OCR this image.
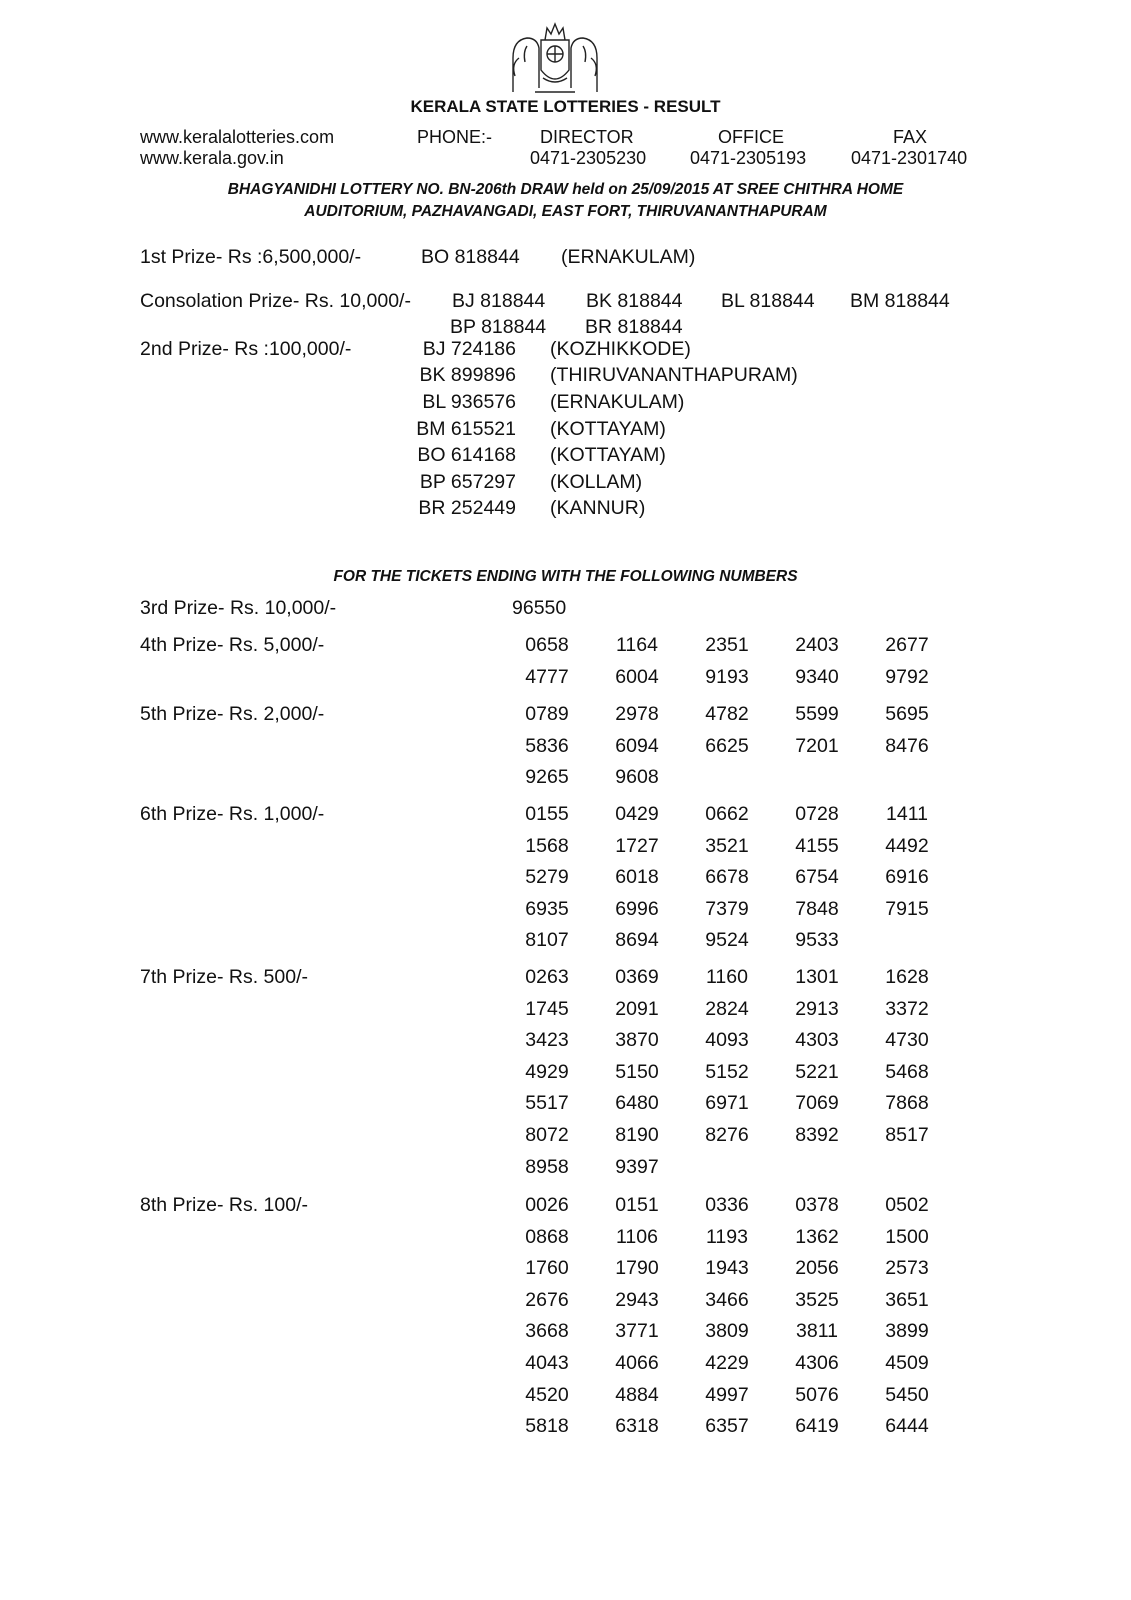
KERALA STATE LOTTERIES - RESULT
www.keralalotteries.com
www.kerala.gov.in
PHONE:-	DIRECTOR	OFFICE	FAX
0471-2305230 0471-2305193 0471-2301740
BHAGYANIDHI LOTTERY NO. BN-206th DRAW held on 25/09/2015 AT SREE CHITHRA HOME
AUDITORIUM, PAZHAVANGADI, EAST FORT, THIRUVANANTHAPURAM
1st Prize- Rs :6,500,000/-	BO 818844 (ERNAKULAM)
Consolation Prize- Rs. 10,000/- BJ 818844 BK 818844 BL 818844 BM 818844
BP 818844 BR 818844
2nd Prize- Rs :100,000/-	BJ 724186 (KOZHIKKODE)
BK 899896 (THIRUVANANTHAPURAM)
BL 936576 (ERNAKULAM)
BM 615521 (KOTTAYAM)
BO 614168 (KOTTAYAM)
BP 657297 (KOLLAM)
BR 252449 (KANNUR)
FOR THE TICKETS ENDING WITH THE FOLLOWING NUMBERS
3rd Prize- Rs. 10,000/-	96550
4th Prize- Rs. 5,000/-	0658	1164	2351	2403	2677
4777	6004	9193	9340	9792
5th Prize- Rs. 2,000/-	0789	2978	4782	5599	5695
5836	6094	6625	7201	8476
9265	9608
6th Prize- Rs. 1,000/-	0155	0429	0662	0728	1411
1568	1727	3521	4155	4492
5279	6018	6678	6754	6916
6935	6996	7379	7848	7915
8107	8694	9524	9533
7th Prize- Rs. 500/-	0263	0369	1160	1301	1628
1745	2091	2824	2913	3372
3423	3870	4093	4303	4730
4929	5150	5152	5221	5468
5517	6480	6971	7069	7868
8072	8190	8276	8392	8517
8958	9397
8th Prize- Rs. 100/-	0026	0151	0336	0378	0502
0868	1106	1193	1362	1500
1760	1790	1943	2056	2573
2676	2943	3466	3525	3651
3668	3771	3809	3811	3899
4043	4066	4229	4306	4509
4520	4884	4997	5076	5450
5818	6318	6357	6419	6444
